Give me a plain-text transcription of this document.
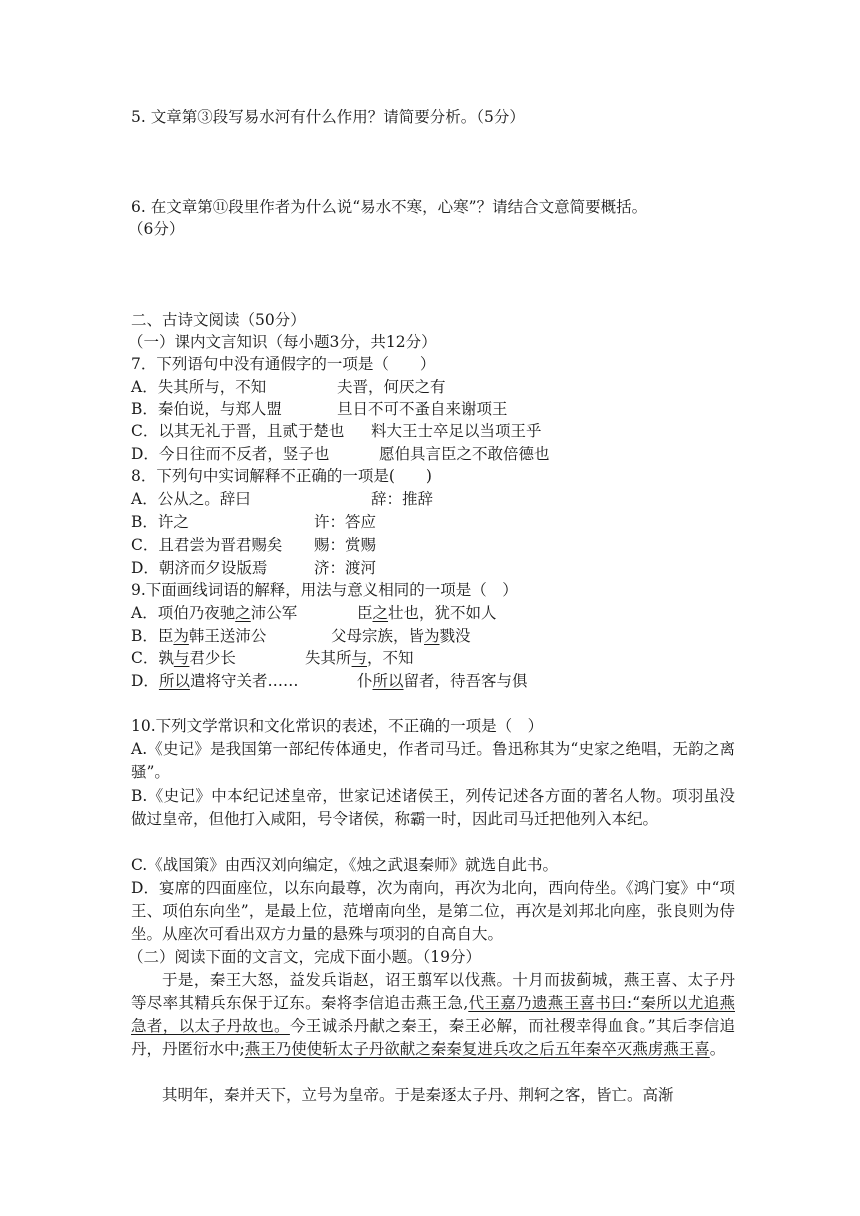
5. 文章第③段写易水河有什么作用？请简要分析。（5分）
6. 在文章第⑪段里作者为什么说“易水不寒，心寒”？请结合文意简要概括。
（6分）
二、古诗文阅读（50分）
（一）课内文言知识（每小题3分，共12分）
7．下列语句中没有通假字的一项是（　　）
A．失其所与，不知	夫晋，何厌之有
B．秦伯说，与郑人盟	旦日不可不蚤自来谢项王
C．以其无礼于晋，且贰于楚也 料大王士卒足以当项王乎
D．今日往而不反者，竖子也	愿伯具言臣之不敢倍德也
8．下列句中实词解释不正确的一项是(　　)
A．公从之。辞曰	辞：推辞
B．许之	许：答应
C．且君尝为晋君赐矣 赐：赏赐
D．朝济而夕设版焉	济：渡河
9.下面画线词语的解释，用法与意义相同的一项是（　）
A．项伯乃夜驰之沛公军	臣之壮也，犹不如人
B．臣为韩王送沛公	父母宗族，皆为戮没
C．孰与君少长	失其所与，不知
D．所以遣将守关者……	仆所以留者，待吾客与俱
10.下列文学常识和文化常识的表述，不正确的一项是（　）
A.《史记》是我国第一部纪传体通史，作者司马迁。鲁迅称其为“史家之绝唱，无韵之离骚”。
B.《史记》中本纪记述皇帝，世家记述诸侯王，列传记述各方面的著名人物。项羽虽没做过皇帝，但他打入咸阳，号令诸侯，称霸一时，因此司马迁把他列入本纪。
C.《战国策》由西汉刘向编定，《烛之武退秦师》就选自此书。
D．宴席的四面座位，以东向最尊，次为南向，再次为北向，西向侍坐。《鸿门宴》中“项王、项伯东向坐”，是最上位，范增南向坐，是第二位，再次是刘邦北向座，张良则为侍坐。从座次可看出双方力量的悬殊与项羽的自高自大。
（二）阅读下面的文言文，完成下面小题。（19分）
于是，秦王大怒，益发兵诣赵，诏王翦军以伐燕。十月而拔蓟城，燕王喜、太子丹等尽率其精兵东保于辽东。秦将李信追击燕王急,代王嘉乃遗燕王喜书曰:“秦所以尤追燕急者，以太子丹故也。今王诚杀丹献之秦王，秦王必解，而社稷幸得血食。”其后李信追丹，丹匿衍水中;燕王乃使使斩太子丹欲献之秦秦复进兵攻之后五年秦卒灭燕虏燕王喜。
其明年，秦并天下，立号为皇帝。于是秦逐太子丹、荆轲之客，皆亡。高渐
